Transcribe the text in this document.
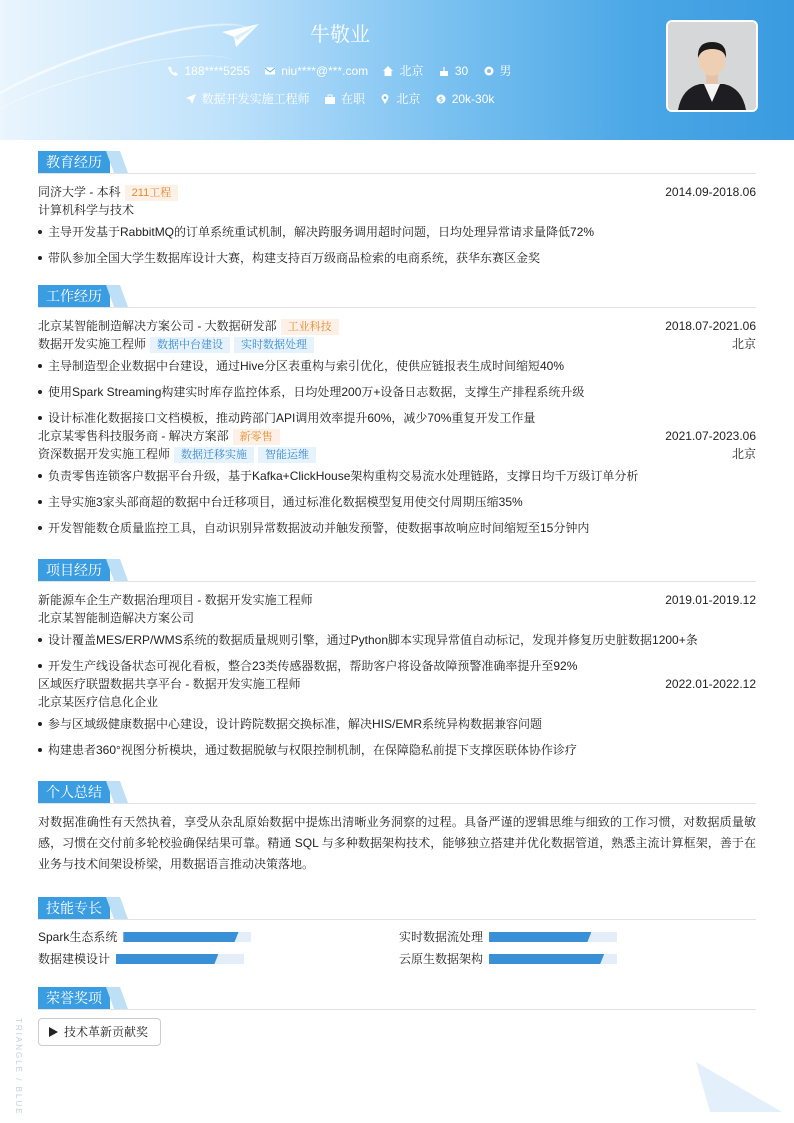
牛敬业
188****5255	niu****@***.com	北京	30	男
数据开发实施工程师	在职	北京	$ 20k-30k
教育经历
同济大学 - 本科 211工程	2014.09-2018.06
计算机科学与技术
主导开发基于RabbitMQ的订单系统重试机制，解决跨服务调用超时问题，日均处理异常请求量降低72%
带队参加全国大学生数据库设计大赛，构建支持百万级商品检索的电商系统，获华东赛区金奖
工作经历
北京某智能制造解决方案公司 - 大数据研发部 工业科技	2018.07-2021.06
数据开发实施工程师 数据中台建设 实时数据处理	北京
主导制造型企业数据中台建设，通过Hive分区表重构与索引优化，使供应链报表生成时间缩短40%
使用Spark Streaming构建实时库存监控体系，日均处理200万+设备日志数据，支撑生产排程系统升级
设计标准化数据接口文档模板，推动跨部门API调用效率提升60%，减少70%重复开发工作量
北京某零售科技服务商 - 解决方案部 新零售	2021.07-2023.06
资深数据开发实施工程师 数据迁移实施 智能运维	北京
负责零售连锁客户数据平台升级，基于Kafka+ClickHouse架构重构交易流水处理链路，支撑日均千万级订单分析
主导实施3家头部商超的数据中台迁移项目，通过标准化数据模型复用使交付周期压缩35%
开发智能数仓质量监控工具，自动识别异常数据波动并触发预警，使数据事故响应时间缩短至15分钟内
项目经历
新能源车企生产数据治理项目 - 数据开发实施工程师	2019.01-2019.12
北京某智能制造解决方案公司
设计覆盖MES/ERP/WMS系统的数据质量规则引擎，通过Python脚本实现异常值自动标记，发现并修复历史脏数据1200+条
开发生产线设备状态可视化看板，整合23类传感器数据，帮助客户将设备故障预警准确率提升至92%
区域医疗联盟数据共享平台 - 数据开发实施工程师	2022.01-2022.12
北京某医疗信息化企业
参与区域级健康数据中心建设，设计跨院数据交换标准，解决HIS/EMR系统异构数据兼容问题
构建患者360°视图分析模块，通过数据脱敏与权限控制机制，在保障隐私前提下支撑医联体协作诊疗
个人总结
对数据准确性有天然执着，享受从杂乱原始数据中提炼出清晰业务洞察的过程。具备严谨的逻辑思维与细致的工作习惯，对数据质量敏感，习惯在交付前多轮校验确保结果可靠。精通 SQL 与多种数据架构技术，能够独立搭建并优化数据管道，熟悉主流计算框架，善于在业务与技术间架设桥梁，用数据语言推动决策落地。
技能专长
Spark生态系统	实时数据流处理
数据建模设计	云原生数据架构
荣誉奖项
技术革新贡献奖
TRIANGLE / BLUE
